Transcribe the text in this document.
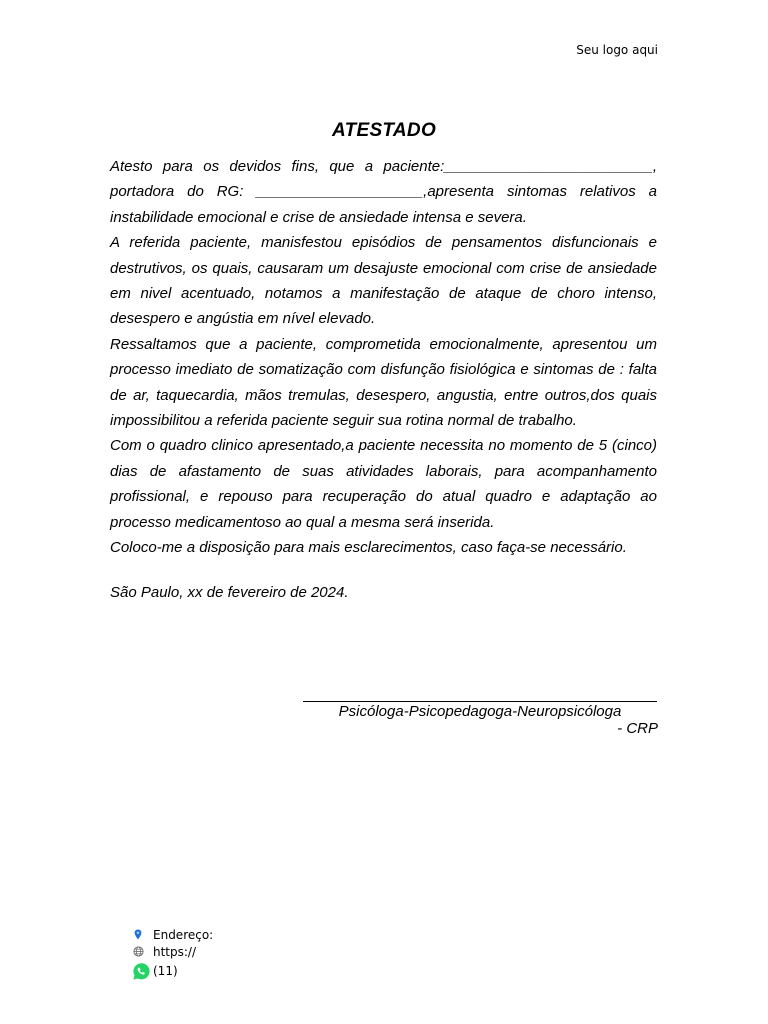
Seu logo aqui
ATESTADO

Atesto para os devidos fins, que a paciente:_________________________, portadora do RG: ____________________,apresenta sintomas relativos a instabilidade emocional e crise de ansiedade intensa e severa.

A referida paciente, manisfestou episódios de pensamentos disfuncionais e destrutivos, os quais, causaram um desajuste emocional com crise de ansiedade em nivel acentuado, notamos a manifestação de ataque de choro intenso, desespero e angústia em nível elevado.

Ressaltamos que a paciente, comprometida emocionalmente, apresentou um processo imediato de somatização com disfunção fisiológica e sintomas de : falta de ar, taquecardia, mãos tremulas, desespero, angustia, entre outros,dos quais impossibilitou a referida paciente seguir sua rotina normal de trabalho.

Com o quadro clinico apresentado,a paciente necessita no momento de 5 (cinco) dias de afastamento de suas atividades laborais, para acompanhamento profissional, e repouso para recuperação do atual quadro e adaptação ao processo medicamentoso ao qual a mesma será inserida.

Coloco-me a disposição para mais esclarecimentos, caso faça-se necessário.

São Paulo, xx de fevereiro de 2024.
Psicóloga-Psicopedagoga-Neuropsicóloga
- CRP
Endereço:
https://
(11)
